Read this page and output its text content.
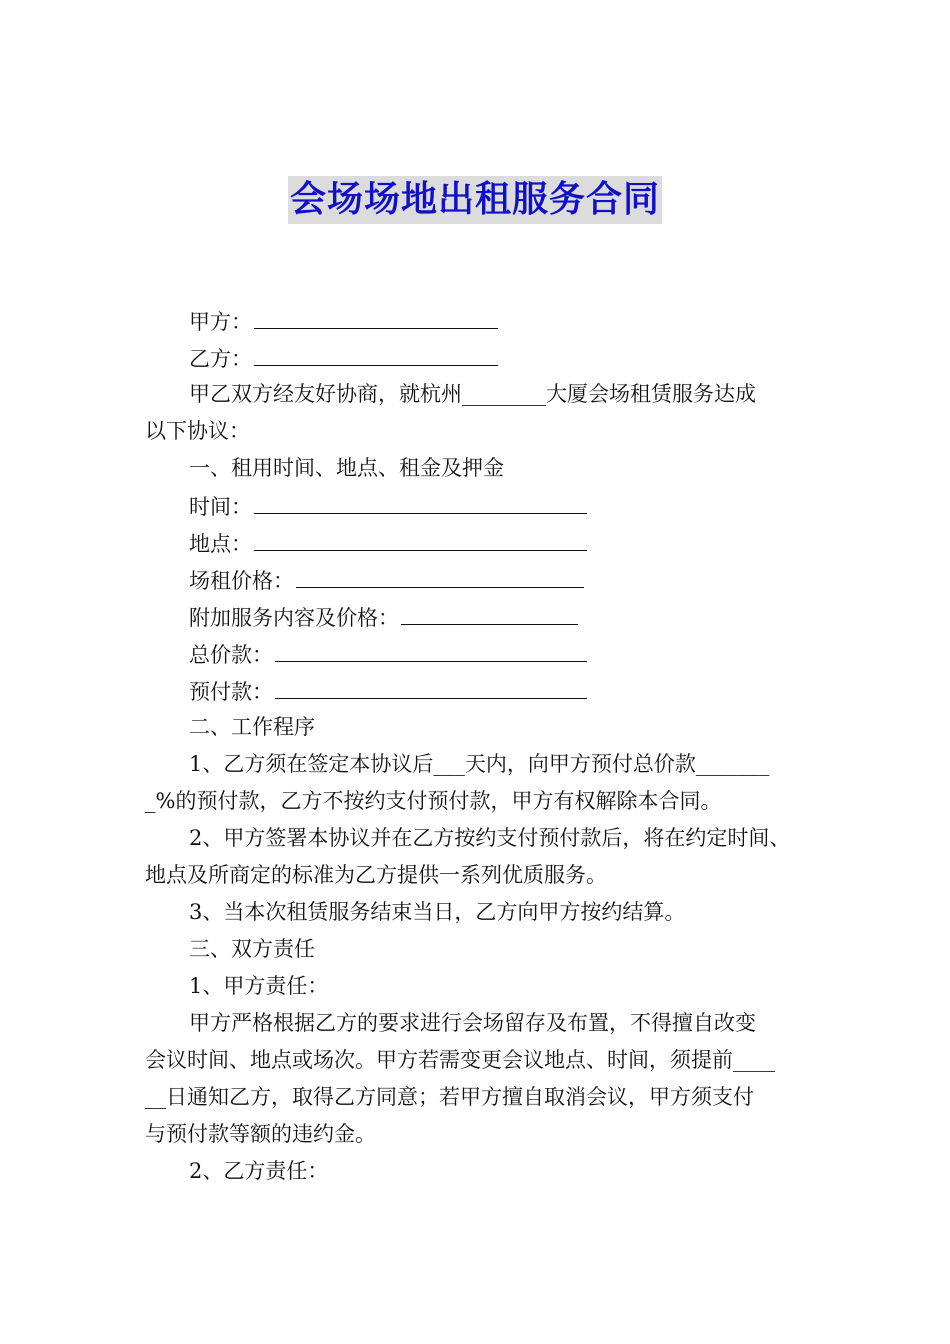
会场场地出租服务合同
甲方：
乙方：
甲乙双方经友好协商，就杭州________大厦会场租赁服务达成
以下协议：
一、租用时间、地点、租金及押金
时间：
地点：
场租价格：
附加服务内容及价格：
总价款：
预付款：
二、工作程序
1、乙方须在签定本协议后___天内，向甲方预付总价款_______
_%的预付款，乙方不按约支付预付款，甲方有权解除本合同。
2、甲方签署本协议并在乙方按约支付预付款后，将在约定时间、
地点及所商定的标准为乙方提供一系列优质服务。
3、当本次租赁服务结束当日，乙方向甲方按约结算。
三、双方责任
1、甲方责任：
甲方严格根据乙方的要求进行会场留存及布置，不得擅自改变
会议时间、地点或场次。甲方若需变更会议地点、时间，须提前____
__日通知乙方，取得乙方同意；若甲方擅自取消会议，甲方须支付
与预付款等额的违约金。
2、乙方责任：
